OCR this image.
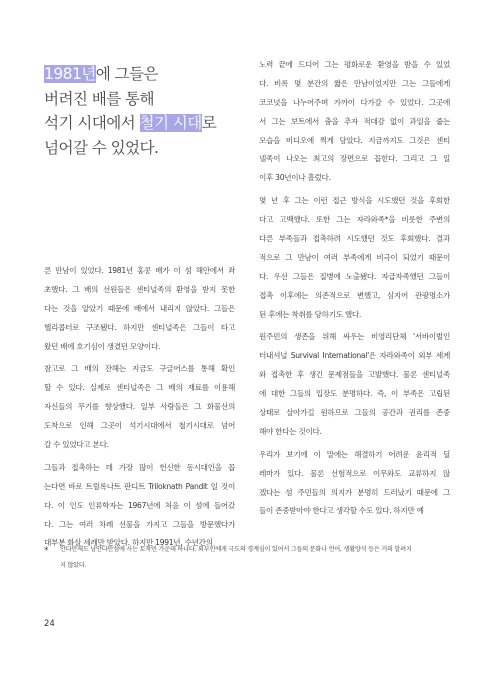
1981년에 그들은
버려진 배를 통해
석기 시대에서 철기 시대로
넘어갈 수 있었다.
른 만남이 있었다. 1981년 홍콩 배가 이 섬 해안에서 좌
초했다. 그 배의 선원들은 센티널족의 환영을 받지 못한
다는 것을 알았기 때문에 배에서 내리지 않았다. 그들은
헬리콥터로 구조됐다. 하지만 센티널족은 그들이 타고
왔던 배에 호기심이 생겼던 모양이다.
참고로 그 배의 잔해는 지금도 구글어스를 통해 확인
할 수 있다. 실제로 센티널족은 그 배의 재료를 이용해
자신들의 무기를 향상했다. 일부 사람들은 그 화물선의
도착으로 인해 그곳이 석기시대에서 철기시대로 넘어
갈 수 있었다고 본다.
그들과 접촉하는 데 가장 많이 헌신한 동시대인을 꼽
는다면 바로 트릴록나트 판디트 Triloknath Pandit 일 것이
다. 이 인도 인류학자는 1967년에 처음 이 섬에 들어갔
다. 그는 여러 차례 선물을 가지고 그들을 방문했다가
대부분 화살 세례만 받았다. 하지만 1991년, 수년간의
노력 끝에 드디어 그는 평화로운 환영을 받을 수 있었
다. 비록 몇 분간의 짧은 만남이었지만 그는 그들에게
코코넛을 나누어주며 가까이 다가갈 수 있었다. 그곳에
서 그는 보트에서 춤을 추자 적대감 없이 과일을 줍는
모습을 비디오에 찍게 담았다. 지금까지도 그것은 센티
넬족이 나오는 최고의 장면으로 꼽힌다. 그리고 그 일
이후 30년이나 흘렀다.
몇 년 후 그는 이런 접근 방식을 시도했던 것을 후회한
다고 고백했다. 또한 그는 자라와족*을 비롯한 주변의
다른 부족들과 접촉하려 시도했던 것도 후회했다. 결과
적으로 그 만남이 여러 부족에게 비극이 되었기 때문이
다. 우선 그들은 질병에 노출됐다. 자급자족했던 그들이
접촉 이후에는 의존적으로 변했고, 심지어 관광명소가
된 후에는 착취를 당하기도 했다.
원주민의 생존을 위해 싸우는 비영리단체 '서바이벌인
터내셔널 Survival International'은 자라와족이 외부 세계
와 접촉한 후 생긴 문제점들을 고발했다. 물론 센티널족
에 대한 그들의 입장도 분명하다. 즉, 이 부족은 고립된
상태로 살아가길 원하므로 그들의 공간과 권리를 존중
해야 한다는 것이다.
우리가 보기에 이 말에는 해결하기 어려운 윤리적 딜
레마가 있다. 물론 선험적으로 이무와도 교류하지 않
겠다는 섬 주민들의 의지가 분명히 드러났기 때문에 그
들이 존중받아야 한다고 생각할 수도 있다. 하지만 예
*	안다만제도 남안다만섬에 사는 토착민 가운데 하나다. 외부인에게 극도의 경계심이 있어서 그들의 문화나 언어, 생활양식 등은 거의 알려지
지 않았다.
24
